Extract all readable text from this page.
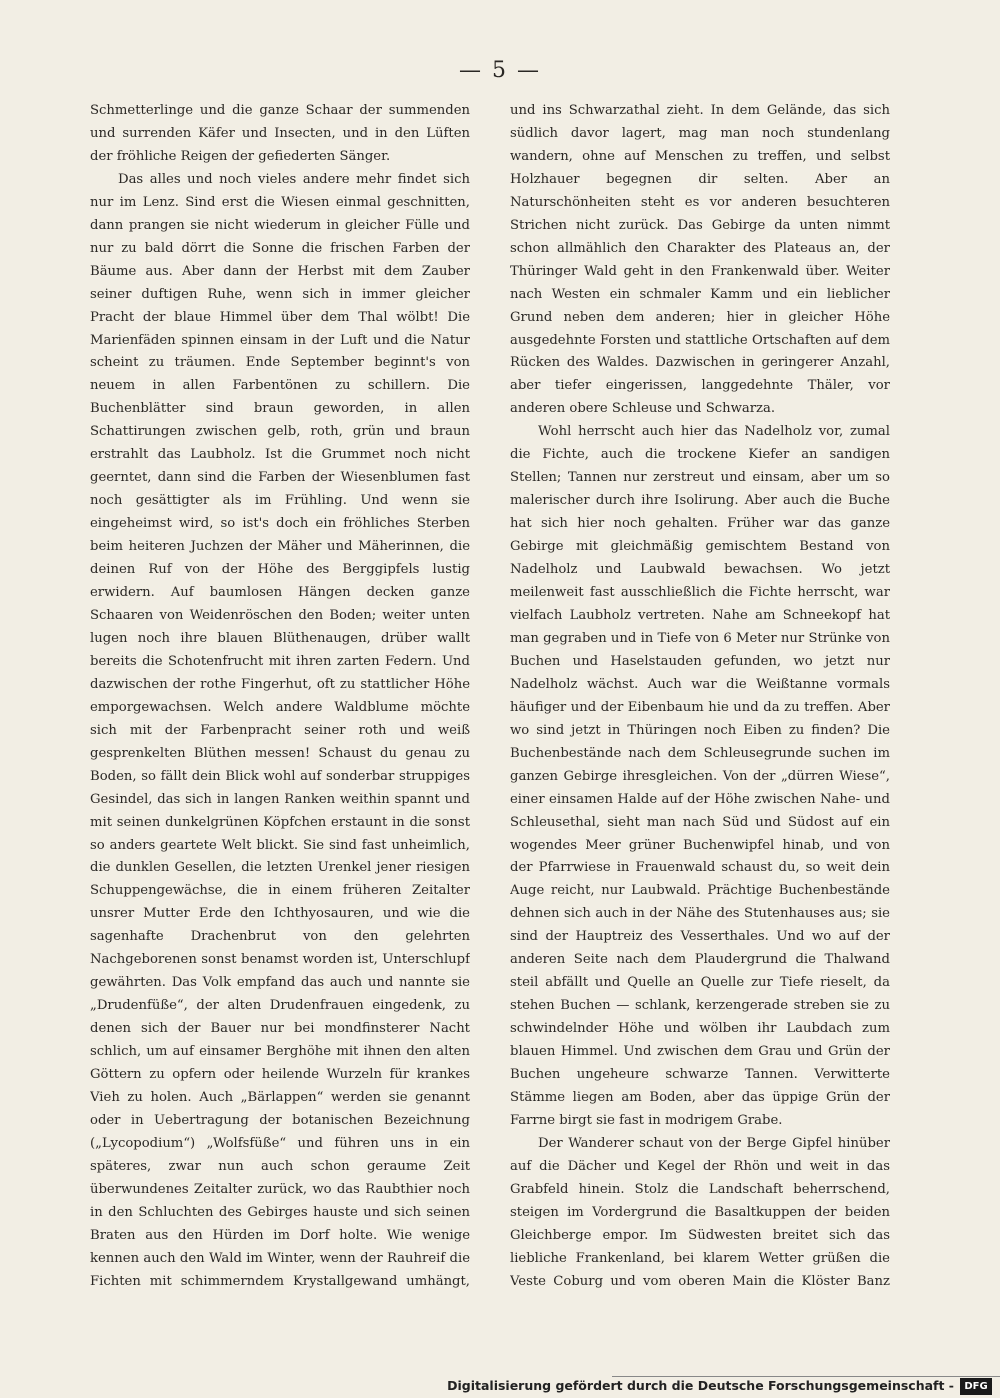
— 5 —

Schmetterlinge und die ganze Schaar der summenden und surrenden Käfer und Insecten, und in den Lüften der fröhliche Reigen der gefiederten Sänger.

Das alles und noch vieles andere mehr findet sich nur im Lenz. Sind erst die Wiesen einmal geschnitten, dann prangen sie nicht wiederum in gleicher Fülle und nur zu bald dörrt die Sonne die frischen Farben der Bäume aus. Aber dann der Herbst mit dem Zauber seiner duftigen Ruhe, wenn sich in immer gleicher Pracht der blaue Himmel über dem Thal wölbt! Die Marienfäden spinnen einsam in der Luft und die Natur scheint zu träumen. Ende September beginnt's von neuem in allen Farbentönen zu schillern. Die Buchenblätter sind braun geworden, in allen Schattirungen zwischen gelb, roth, grün und braun erstrahlt das Laubholz. Ist die Grummet noch nicht geerntet, dann sind die Farben der Wiesenblumen fast noch gesättigter als im Frühling. Und wenn sie eingeheimst wird, so ist's doch ein fröhliches Sterben beim heiteren Juchzen der Mäher und Mäherinnen, die deinen Ruf von der Höhe des Berggipfels lustig erwidern. Auf baumlosen Hängen decken ganze Schaaren von Weidenröschen den Boden; weiter unten lugen noch ihre blauen Blüthenaugen, drüber wallt bereits die Schotenfrucht mit ihren zarten Federn. Und dazwischen der rothe Fingerhut, oft zu stattlicher Höhe emporgewachsen. Welch andere Waldblume möchte sich mit der Farbenpracht seiner roth und weiß gesprenkelten Blüthen messen! Schaust du genau zu Boden, so fällt dein Blick wohl auf sonderbar struppiges Gesindel, das sich in langen Ranken weithin spannt und mit seinen dunkelgrünen Köpfchen erstaunt in die sonst so anders geartete Welt blickt. Sie sind fast unheimlich, die dunklen Gesellen, die letzten Urenkel jener riesigen Schuppengewächse, die in einem früheren Zeitalter unsrer Mutter Erde den Ichthyosauren, und wie die sagenhafte Drachenbrut von den gelehrten Nachgeborenen sonst benamst worden ist, Unterschlupf gewährten. Das Volk empfand das auch und nannte sie „Drudenfüße“, der alten Drudenfrauen eingedenk, zu denen sich der Bauer nur bei mondfinsterer Nacht schlich, um auf einsamer Berghöhe mit ihnen den alten Göttern zu opfern oder heilende Wurzeln für krankes Vieh zu holen. Auch „Bärlappen“ werden sie genannt oder in Uebertragung der botanischen Bezeichnung („Lycopodium“) „Wolfsfüße“ und führen uns in ein späteres, zwar nun auch schon geraume Zeit überwundenes Zeitalter zurück, wo das Raubthier noch in den Schluchten des Gebirges hauste und sich seinen Braten aus den Hürden im Dorf holte. Wie wenige kennen auch den Wald im Winter, wenn der Rauhreif die Fichten mit schimmerndem Krystallgewand umhängt,

und ins Schwarzathal zieht. In dem Gelände, das sich südlich davor lagert, mag man noch stundenlang wandern, ohne auf Menschen zu treffen, und selbst Holzhauer begegnen dir selten. Aber an Naturschönheiten steht es vor anderen besuchteren Strichen nicht zurück. Das Gebirge da unten nimmt schon allmählich den Charakter des Plateaus an, der Thüringer Wald geht in den Frankenwald über. Weiter nach Westen ein schmaler Kamm und ein lieblicher Grund neben dem anderen; hier in gleicher Höhe ausgedehnte Forsten und stattliche Ortschaften auf dem Rücken des Waldes. Dazwischen in geringerer Anzahl, aber tiefer eingerissen, langgedehnte Thäler, vor anderen obere Schleuse und Schwarza.

Wohl herrscht auch hier das Nadelholz vor, zumal die Fichte, auch die trockene Kiefer an sandigen Stellen; Tannen nur zerstreut und einsam, aber um so malerischer durch ihre Isolirung. Aber auch die Buche hat sich hier noch gehalten. Früher war das ganze Gebirge mit gleichmäßig gemischtem Bestand von Nadelholz und Laubwald bewachsen. Wo jetzt meilenweit fast ausschließlich die Fichte herrscht, war vielfach Laubholz vertreten. Nahe am Schneekopf hat man gegraben und in Tiefe von 6 Meter nur Strünke von Buchen und Haselstauden gefunden, wo jetzt nur Nadelholz wächst. Auch war die Weißtanne vormals häufiger und der Eibenbaum hie und da zu treffen. Aber wo sind jetzt in Thüringen noch Eiben zu finden? Die Buchenbestände nach dem Schleusegrunde suchen im ganzen Gebirge ihresgleichen. Von der „dürren Wiese“, einer einsamen Halde auf der Höhe zwischen Nahe- und Schleusethal, sieht man nach Süd und Südost auf ein wogendes Meer grüner Buchenwipfel hinab, und von der Pfarrwiese in Frauenwald schaust du, so weit dein Auge reicht, nur Laubwald. Prächtige Buchenbestände dehnen sich auch in der Nähe des Stutenhauses aus; sie sind der Hauptreiz des Vesserthales. Und wo auf der anderen Seite nach dem Plaudergrund die Thalwand steil abfällt und Quelle an Quelle zur Tiefe rieselt, da stehen Buchen — schlank, kerzengerade streben sie zu schwindelnder Höhe und wölben ihr Laubdach zum blauen Himmel. Und zwischen dem Grau und Grün der Buchen ungeheure schwarze Tannen. Verwitterte Stämme liegen am Boden, aber das üppige Grün der Farrne birgt sie fast in modrigem Grabe.

Der Wanderer schaut von der Berge Gipfel hinüber auf die Dächer und Kegel der Rhön und weit in das Grabfeld hinein. Stolz die Landschaft beherrschend, steigen im Vordergrund die Basaltkuppen der beiden Gleichberge empor. Im Südwesten breitet sich das liebliche Frankenland, bei klarem Wetter grüßen die Veste Coburg und vom oberen Main die Klöster Banz

Digitalisierung gefördert durch die Deutsche Forschungsgemeinschaft -	DFG
